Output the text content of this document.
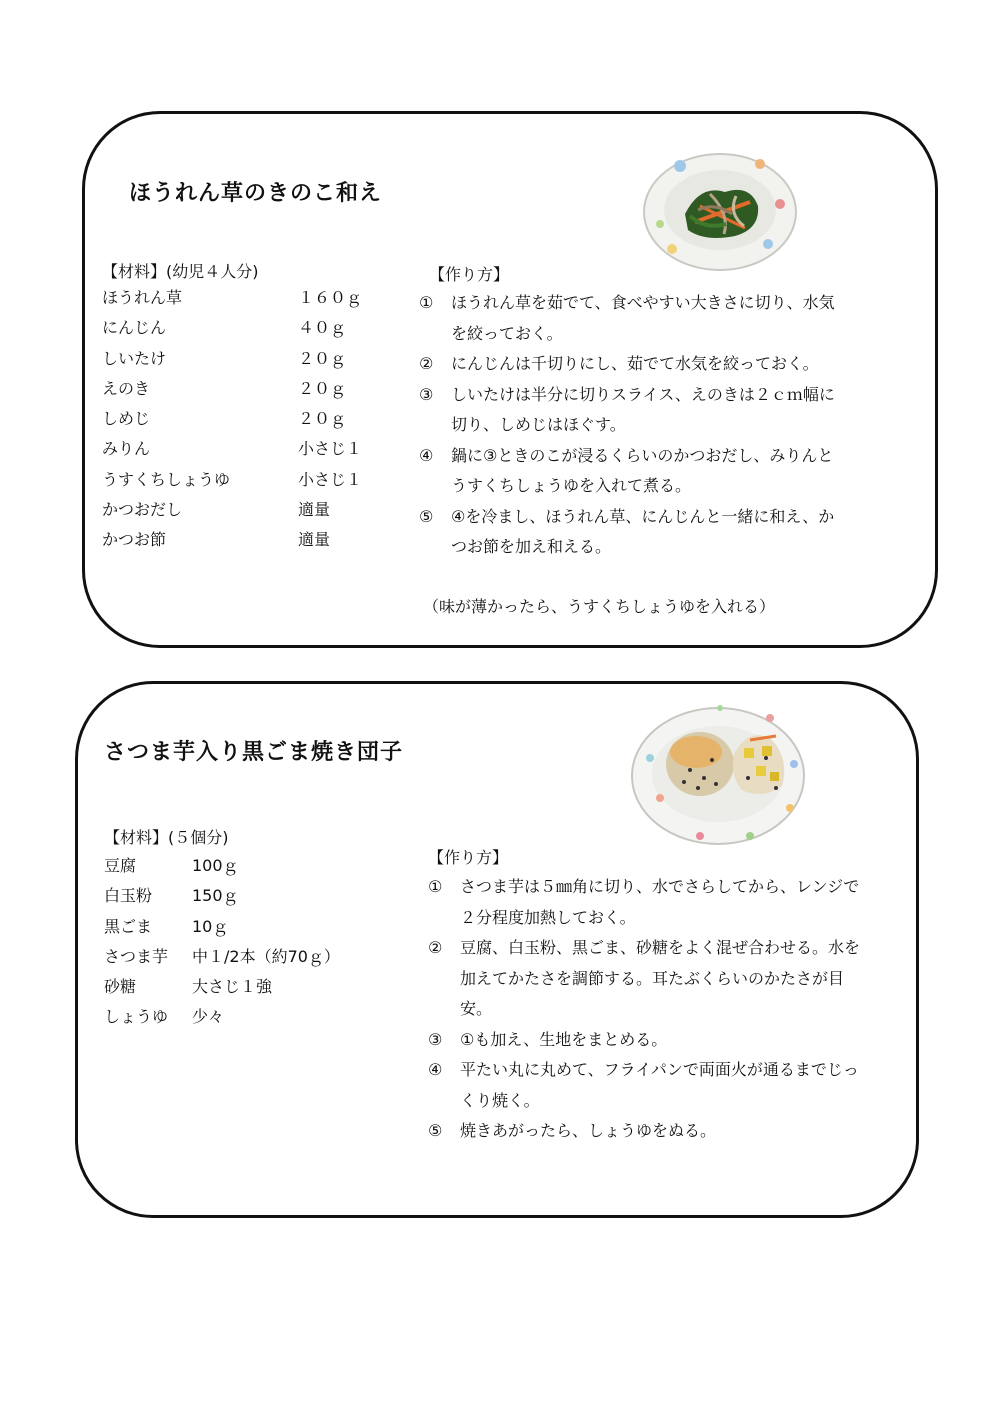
ほうれん草のきのこ和え
【材料】(幼児４人分)
ほうれん草	１６０ｇ
にんじん	４０ｇ
しいたけ	２０ｇ
えのき	２０ｇ
しめじ	２０ｇ
みりん	小さじ１
うすくちしょうゆ	小さじ１
かつおだし	適量
かつお節	適量
【作り方】
① ほうれん草を茹でて、食べやすい大きさに切り、水気を絞っておく。
② にんじんは千切りにし、茹でて水気を絞っておく。
③ しいたけは半分に切りスライス、えのきは２ｃｍ幅に切り、しめじはほぐす。
④ 鍋に③ときのこが浸るくらいのかつおだし、みりんとうすくちしょうゆを入れて煮る。
⑤ ④を冷まし、ほうれん草、にんじんと一緒に和え、かつお節を加え和える。
（味が薄かったら、うすくちしょうゆを入れる）
さつま芋入り黒ごま焼き団子
【材料】(５個分)
豆腐	100ｇ
白玉粉 150ｇ
黒ごま 10ｇ
さつま芋 中１/2本（約70ｇ）
砂糖	大さじ１強
しょうゆ 少々
【作り方】
① さつま芋は５㎜角に切り、水でさらしてから、レンジで２分程度加熱しておく。
② 豆腐、白玉粉、黒ごま、砂糖をよく混ぜ合わせる。水を加えてかたさを調節する。耳たぶくらいのかたさが目安。
③ ①も加え、生地をまとめる。
④ 平たい丸に丸めて、フライパンで両面火が通るまでじっくり焼く。
⑤ 焼きあがったら、しょうゆをぬる。
